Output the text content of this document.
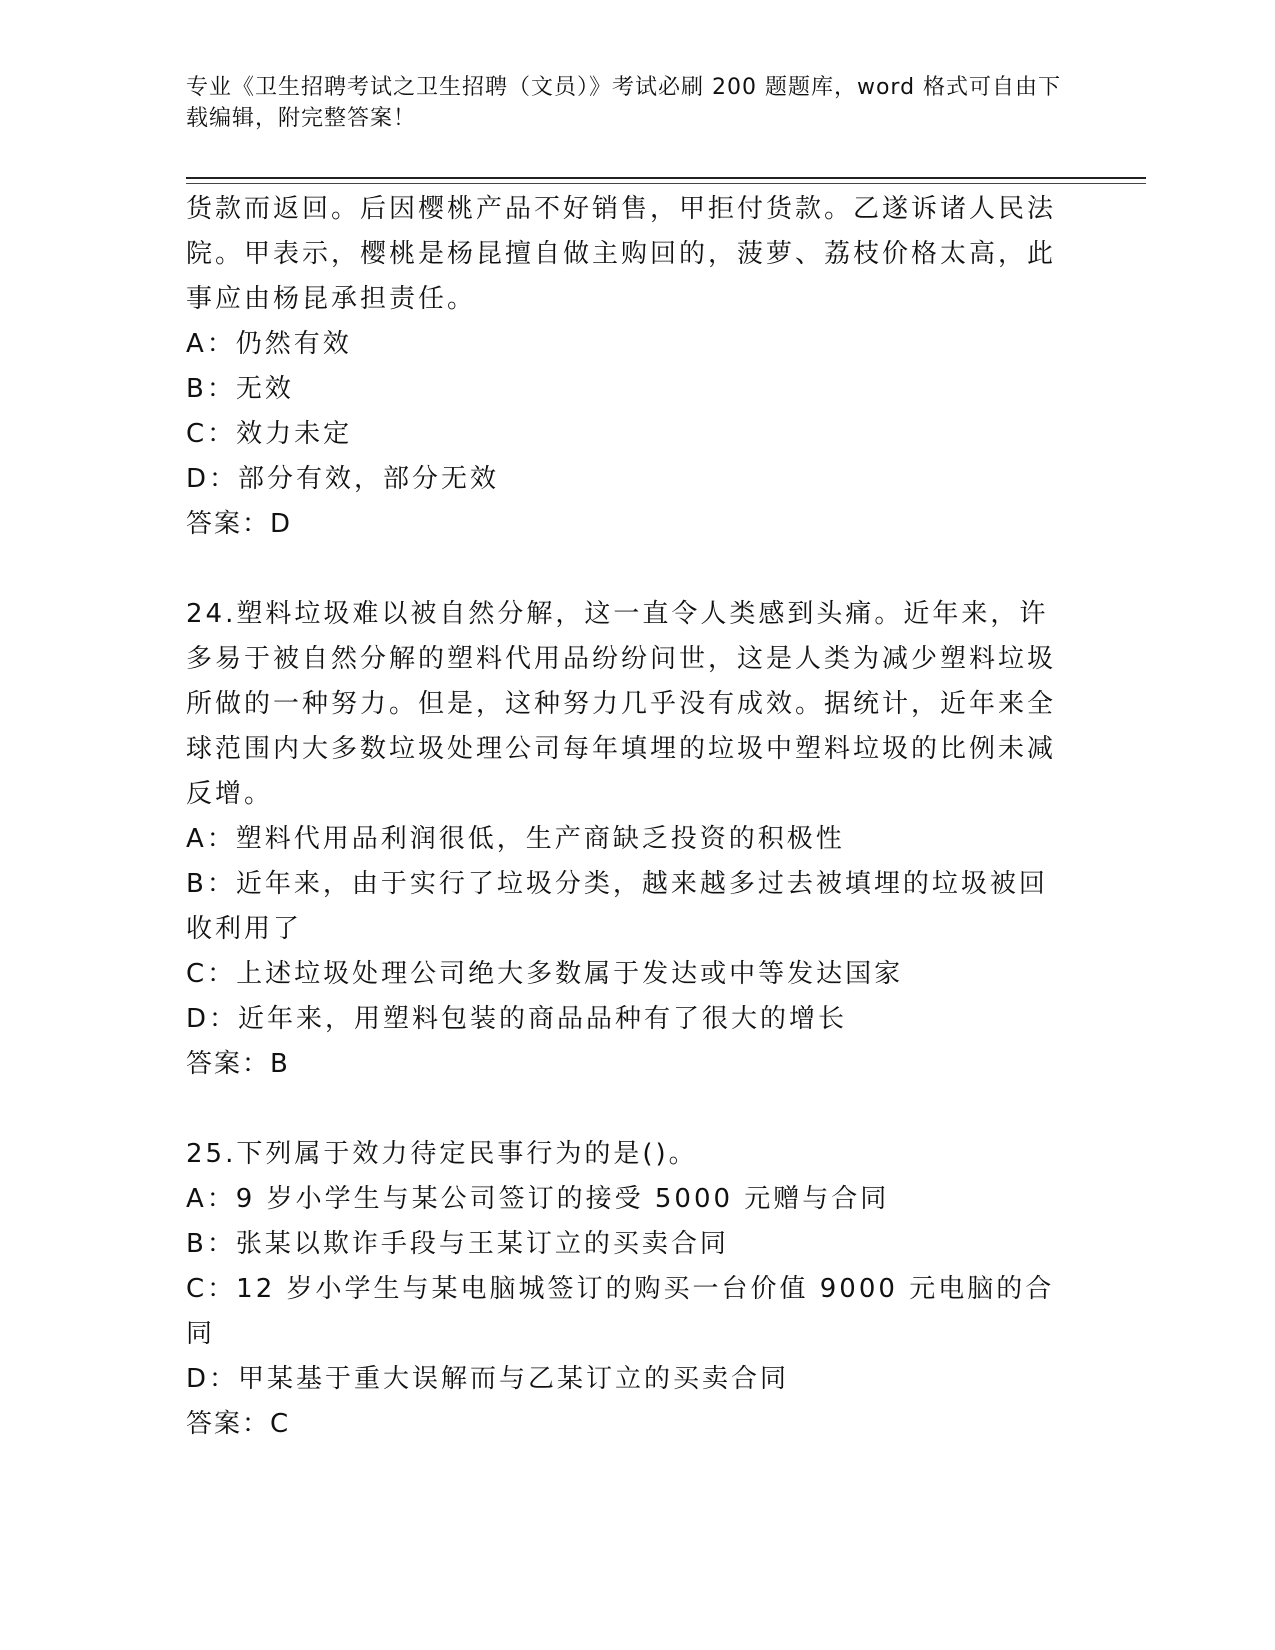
专业《卫生招聘考试之卫生招聘（文员）》考试必刷 200 题题库，word 格式可自由下载编辑，附完整答案！

货款而返回。后因樱桃产品不好销售，甲拒付货款。乙遂诉诸人民法院。甲表示，樱桃是杨昆擅自做主购回的，菠萝、荔枝价格太高，此事应由杨昆承担责任。

A：仍然有效

B：无效

C：效力未定

D：部分有效，部分无效

答案：D

24.塑料垃圾难以被自然分解，这一直令人类感到头痛。近年来，许多易于被自然分解的塑料代用品纷纷问世，这是人类为减少塑料垃圾所做的一种努力。但是，这种努力几乎没有成效。据统计，近年来全球范围内大多数垃圾处理公司每年填埋的垃圾中塑料垃圾的比例未减反增。

A：塑料代用品利润很低，生产商缺乏投资的积极性

B：近年来，由于实行了垃圾分类，越来越多过去被填埋的垃圾被回收利用了

C：上述垃圾处理公司绝大多数属于发达或中等发达国家

D：近年来，用塑料包装的商品品种有了很大的增长

答案：B

25.下列属于效力待定民事行为的是()。

A：9 岁小学生与某公司签订的接受 5000 元赠与合同

B：张某以欺诈手段与王某订立的买卖合同

C：12 岁小学生与某电脑城签订的购买一台价值 9000 元电脑的合同

D：甲某基于重大误解而与乙某订立的买卖合同

答案：C
